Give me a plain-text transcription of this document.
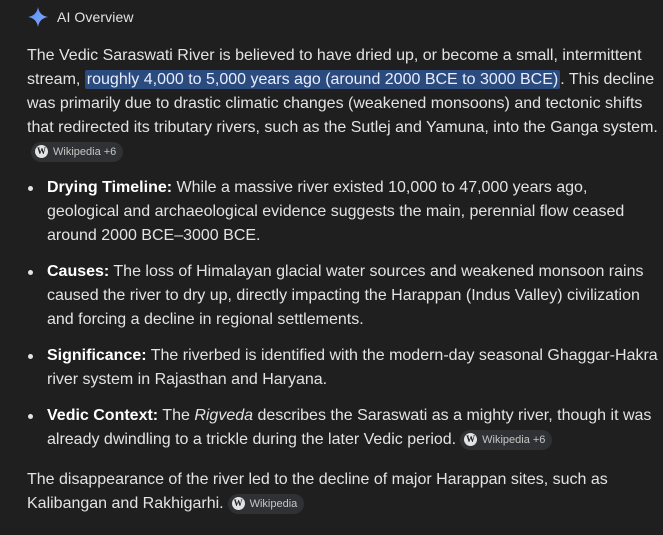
AI Overview

The Vedic Saraswati River is believed to have dried up, or become a small, intermittent stream, roughly 4,000 to 5,000 years ago (around 2000 BCE to 3000 BCE) . This decline was primarily due to drastic climatic changes (weakened monsoons) and tectonic shifts that redirected its tributary rivers, such as the Sutlej and Yamuna, into the Ganga system.
W Wikipedia +6

Drying Timeline: While a massive river existed 10,000 to 47,000 years ago, geological and archaeological evidence suggests the main, perennial flow ceased around 2000 BCE–3000 BCE.
Causes: The loss of Himalayan glacial water sources and weakened monsoon rains caused the river to dry up, directly impacting the Harappan (Indus Valley) civilization and forcing a decline in regional settlements.
Significance: The riverbed is identified with the modern-day seasonal Ghaggar-Hakra river system in Rajasthan and Haryana.
Vedic Context: The Rigveda describes the Saraswati as a mighty river, though it was already dwindling to a trickle during the later Vedic period. W Wikipedia +6

The disappearance of the river led to the decline of major Harappan sites, such as Kalibangan and Rakhigarhi. W Wikipedia
